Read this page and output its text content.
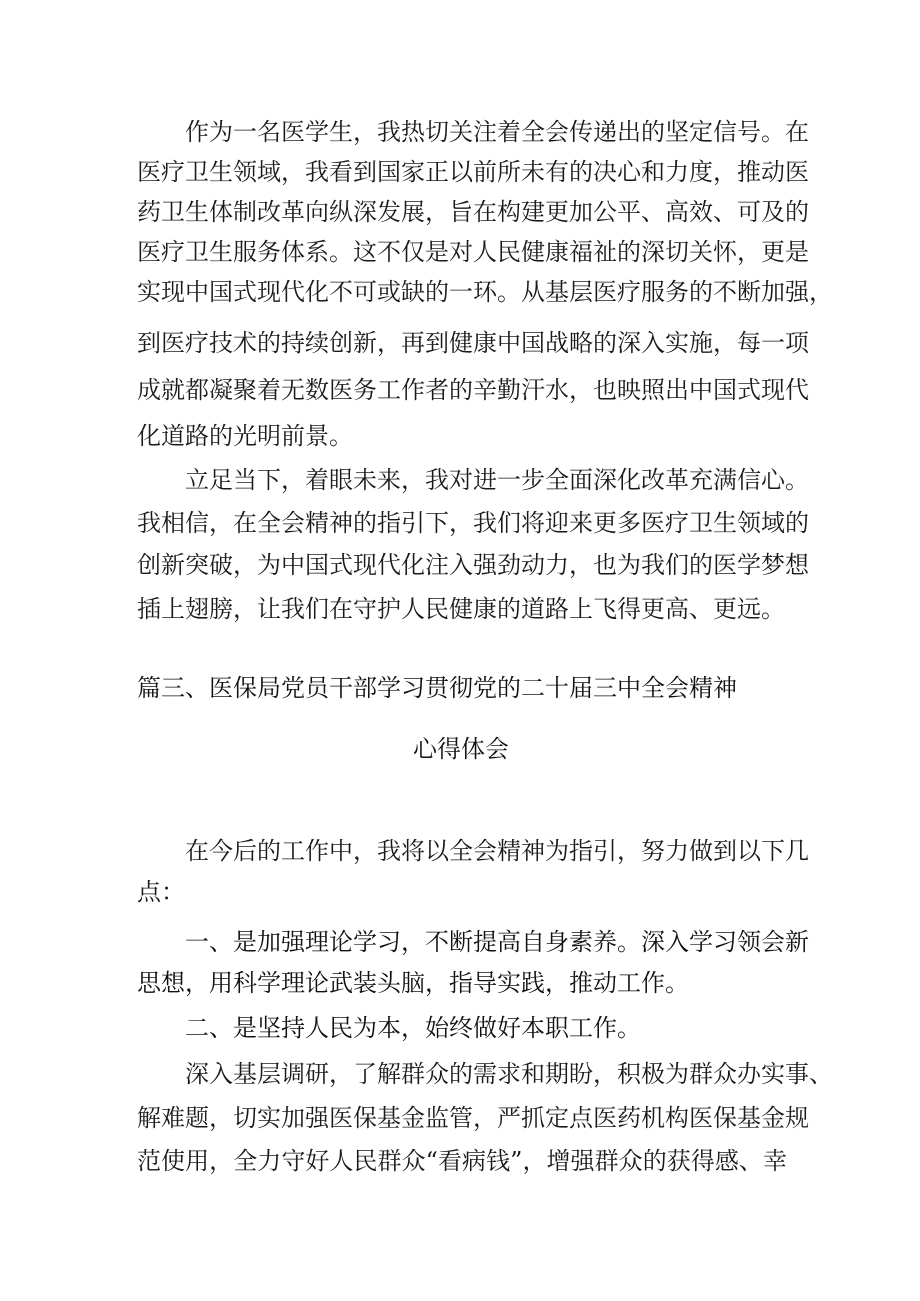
作为一名医学生，我热切关注着全会传递出的坚定信号。在

医疗卫生领域，我看到国家正以前所未有的决心和力度，推动医

药卫生体制改革向纵深发展，旨在构建更加公平、高效、可及的

医疗卫生服务体系。这不仅是对人民健康福祉的深切关怀，更是

实现中国式现代化不可或缺的一环。从基层医疗服务的不断加强，

到医疗技术的持续创新，再到健康中国战略的深入实施，每一项

成就都凝聚着无数医务工作者的辛勤汗水，也映照出中国式现代

化道路的光明前景。

立足当下，着眼未来，我对进一步全面深化改革充满信心。

我相信，在全会精神的指引下，我们将迎来更多医疗卫生领域的

创新突破，为中国式现代化注入强劲动力，也为我们的医学梦想

插上翅膀，让我们在守护人民健康的道路上飞得更高、更远。

篇三、医保局党员干部学习贯彻党的二十届三中全会精神
心得体会

在今后的工作中，我将以全会精神为指引，努力做到以下几

点：

一、是加强理论学习，不断提高自身素养。深入学习领会新

思想，用科学理论武装头脑，指导实践，推动工作。

二、是坚持人民为本，始终做好本职工作。

深入基层调研，了解群众的需求和期盼，积极为群众办实事、

解难题，切实加强医保基金监管，严抓定点医药机构医保基金规

范使用，全力守好人民群众“看病钱”，增强群众的获得感、幸
